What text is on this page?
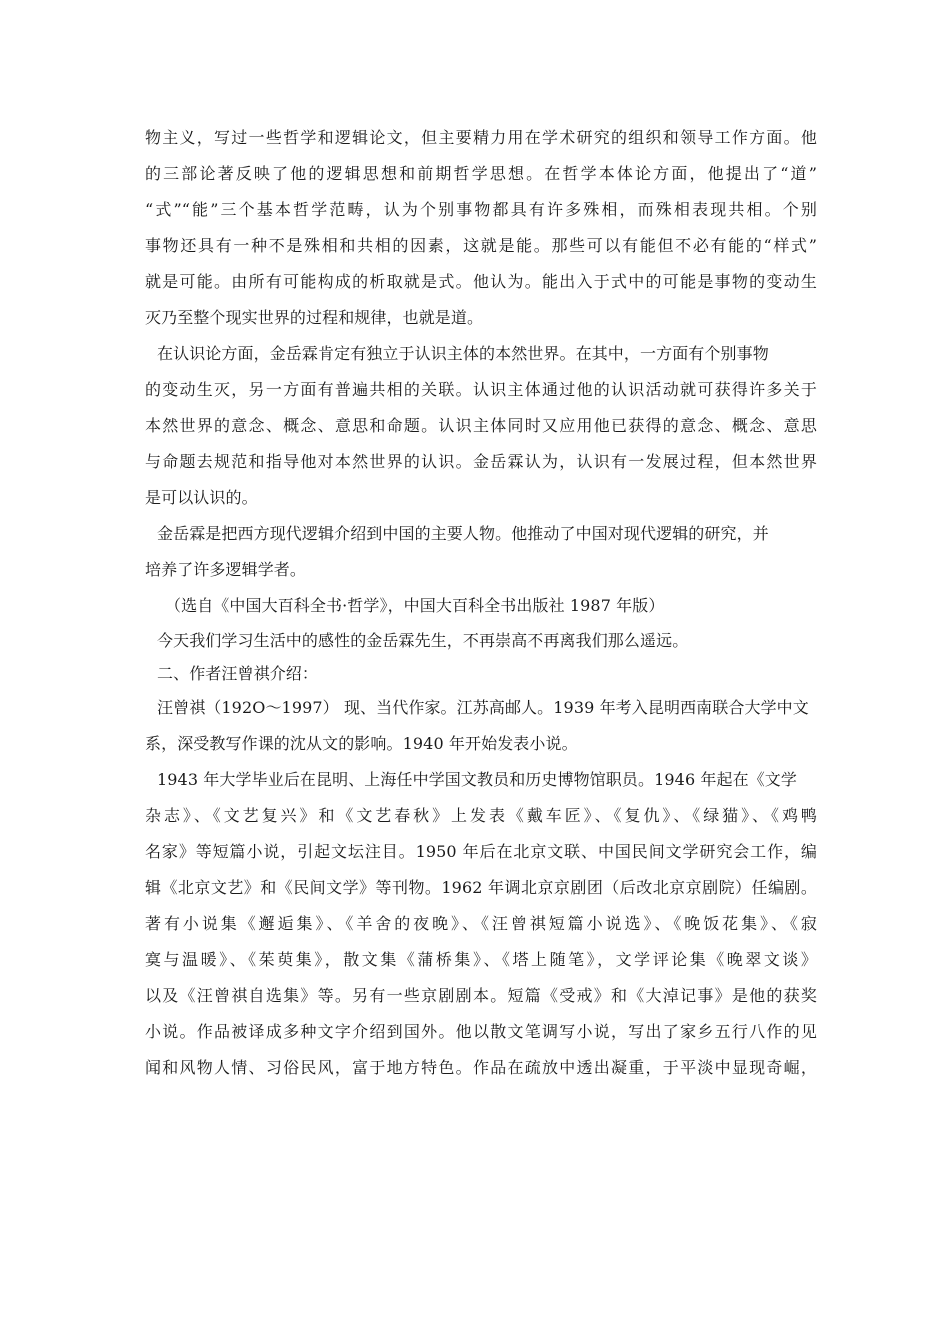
物主义，写过一些哲学和逻辑论文，但主要精力用在学术研究的组织和领导工作方面。他
的三部论著反映了他的逻辑思想和前期哲学思想。在哲学本体论方面，他提出了“道”
“式”“能”三个基本哲学范畴，认为个别事物都具有许多殊相，而殊相表现共相。个别
事物还具有一种不是殊相和共相的因素，这就是能。那些可以有能但不必有能的“样式”
就是可能。由所有可能构成的析取就是式。他认为。能出入于式中的可能是事物的变动生
灭乃至整个现实世界的过程和规律，也就是道。
在认识论方面，金岳霖肯定有独立于认识主体的本然世界。在其中，一方面有个别事物
的变动生灭，另一方面有普遍共相的关联。认识主体通过他的认识活动就可获得许多关于
本然世界的意念、概念、意思和命题。认识主体同时又应用他已获得的意念、概念、意思
与命题去规范和指导他对本然世界的认识。金岳霖认为，认识有一发展过程，但本然世界
是可以认识的。
金岳霖是把西方现代逻辑介绍到中国的主要人物。他推动了中国对现代逻辑的研究，并
培养了许多逻辑学者。
（选自《中国大百科全书·哲学》，中国大百科全书出版社 1987 年版）
今天我们学习生活中的感性的金岳霖先生，不再崇高不再离我们那么遥远。
二、作者汪曾祺介绍：
汪曾祺（192O～1997） 现、当代作家。江苏高邮人。1939 年考入昆明西南联合大学中文
系，深受教写作课的沈从文的影响。1940 年开始发表小说。
1943 年大学毕业后在昆明、上海任中学国文教员和历史博物馆职员。1946 年起在《文学
杂志》、《文艺复兴》和《文艺春秋》上发表《戴车匠》、《复仇》、《绿猫》、《鸡鸭
名家》等短篇小说，引起文坛注目。1950 年后在北京文联、中国民间文学研究会工作，编
辑《北京文艺》和《民间文学》等刊物。1962 年调北京京剧团（后改北京京剧院）任编剧。
著有小说集《邂逅集》、《羊舍的夜晚》、《汪曾祺短篇小说选》、《晚饭花集》、《寂
寞与温暖》、《茱萸集》，散文集《蒲桥集》、《塔上随笔》，文学评论集《晚翠文谈》
以及《汪曾祺自选集》等。另有一些京剧剧本。短篇《受戒》和《大淖记事》是他的获奖
小说。作品被译成多种文字介绍到国外。他以散文笔调写小说，写出了家乡五行八作的见
闻和风物人情、习俗民风，富于地方特色。作品在疏放中透出凝重，于平淡中显现奇崛，
